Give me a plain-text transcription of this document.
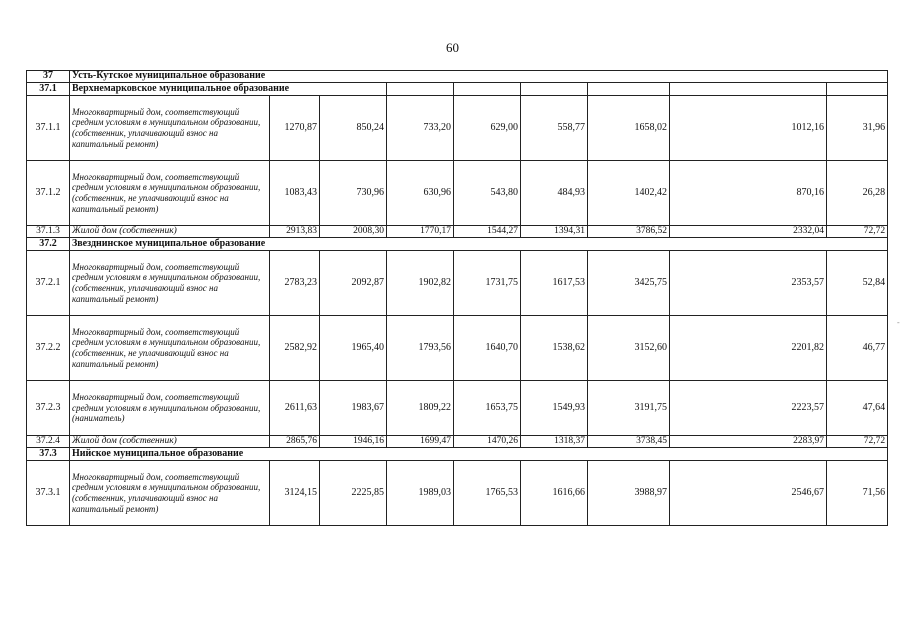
60
-
37	Усть-Кутское муниципальное образование								
37.1	Верхнемарковское муниципальное образование								
37.1.1	Многоквартирный дом, соответствующий средним условиям в муниципальном образовании, (собственник, уплачивающий взнос на капитальный ремонт)	1270,87	850,24	733,20	629,00	558,77	1658,02	1012,16	31,96
37.1.2	Многоквартирный дом, соответствующий средним условиям в муниципальном образовании, (собственник, не уплачивающий взнос на капитальный ремонт)	1083,43	730,96	630,96	543,80	484,93	1402,42	870,16	26,28
37.1.3	Жилой дом (собственник)	2913,83	2008,30	1770,17	1544,27	1394,31	3786,52	2332,04	72,72
37.2	Звезднинское муниципальное образование								
37.2.1	Многоквартирный дом, соответствующий средним условиям в муниципальном образовании, (собственник, уплачивающий взнос на капитальный ремонт)	2783,23	2092,87	1902,82	1731,75	1617,53	3425,75	2353,57	52,84
37.2.2	Многоквартирный дом, соответствующий средним условиям в муниципальном образовании, (собственник, не уплачивающий взнос на капитальный ремонт)	2582,92	1965,40	1793,56	1640,70	1538,62	3152,60	2201,82	46,77
37.2.3	Многоквартирный дом, соответствующий средним условиям в муниципальном образовании, (наниматель)	2611,63	1983,67	1809,22	1653,75	1549,93	3191,75	2223,57	47,64
37.2.4	Жилой дом (собственник)	2865,76	1946,16	1699,47	1470,26	1318,37	3738,45	2283,97	72,72
37.3	Нийское муниципальное образование								
37.3.1	Многоквартирный дом, соответствующий средним условиям в муниципальном образовании, (собственник, уплачивающий взнос на капитальный ремонт)	3124,15	2225,85	1989,03	1765,53	1616,66	3988,97	2546,67	71,56
